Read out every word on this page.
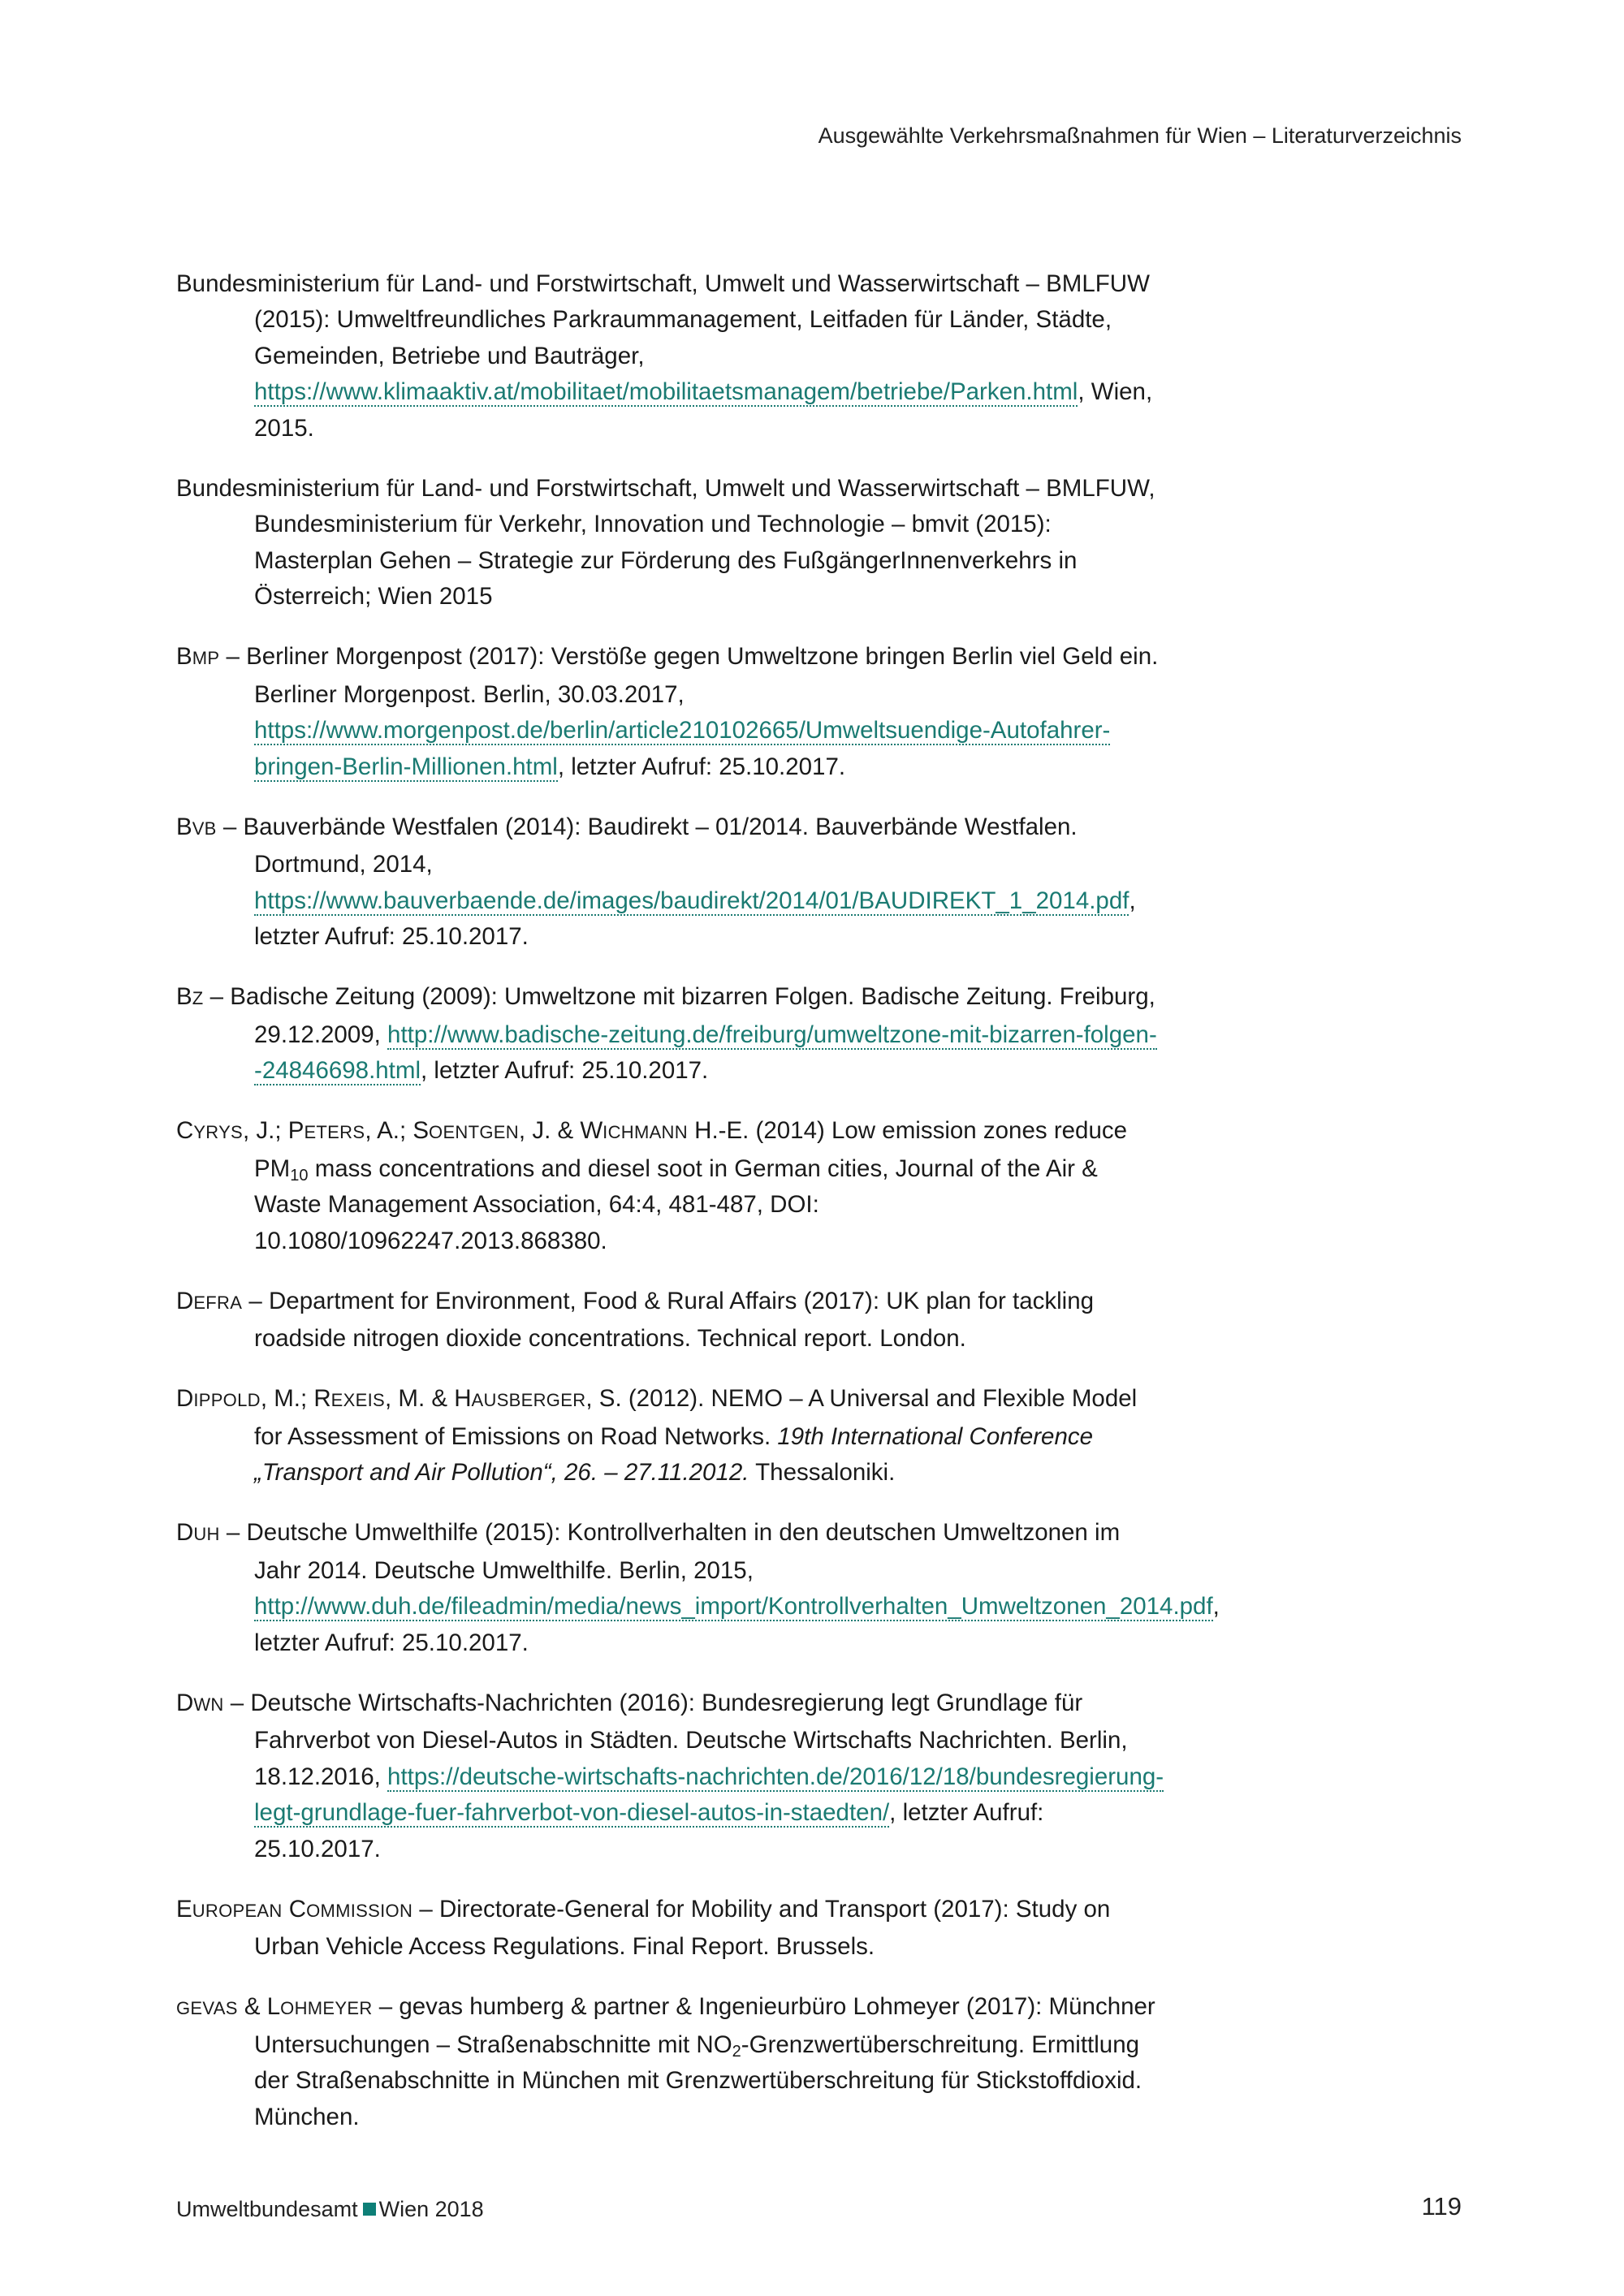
Ausgewählte Verkehrsmaßnahmen für Wien – Literaturverzeichnis

Bundesministerium für Land- und Forstwirtschaft, Umwelt und Wasserwirtschaft – BMLFUW (2015): Umweltfreundliches Parkraummanagement, Leitfaden für Länder, Städte, Gemeinden, Betriebe und Bauträger, https://www.klimaaktiv.at/mobilitaet/mobilitaetsmanagem/betriebe/Parken.html, Wien, 2015.

Bundesministerium für Land- und Forstwirtschaft, Umwelt und Wasserwirtschaft – BMLFUW, Bundesministerium für Verkehr, Innovation und Technologie – bmvit (2015): Masterplan Gehen – Strategie zur Förderung des FußgängerInnenverkehrs in Österreich; Wien 2015

BMP – Berliner Morgenpost (2017): Verstöße gegen Umweltzone bringen Berlin viel Geld ein. Berliner Morgenpost. Berlin, 30.03.2017, https://www.morgenpost.de/berlin/article210102665/Umweltsuendige-Autofahrer-bringen-Berlin-Millionen.html, letzter Aufruf: 25.10.2017.

BVB – Bauverbände Westfalen (2014): Baudirekt – 01/2014. Bauverbände Westfalen. Dortmund, 2014, https://www.bauverbaende.de/images/baudirekt/2014/01/BAUDIREKT_1_2014.pdf, letzter Aufruf: 25.10.2017.

BZ – Badische Zeitung (2009): Umweltzone mit bizarren Folgen. Badische Zeitung. Freiburg, 29.12.2009, http://www.badische-zeitung.de/freiburg/umweltzone-mit-bizarren-folgen--24846698.html, letzter Aufruf: 25.10.2017.

CYRYS, J.; PETERS, A.; SOENTGEN, J. & WICHMANN H.-E. (2014) Low emission zones reduce $PM_{10}$ mass concentrations and diesel soot in German cities, Journal of the Air & Waste Management Association, 64:4, 481-487, DOI: 10.1080/10962247.2013.868380.

DEFRA – Department for Environment, Food & Rural Affairs (2017): UK plan for tackling roadside nitrogen dioxide concentrations. Technical report. London.

DIPPOLD, M.; REXEIS, M. & HAUSBERGER, S. (2012). NEMO – A Universal and Flexible Model for Assessment of Emissions on Road Networks. 19th International Conference „Transport and Air Pollution“, 26. – 27.11.2012. Thessaloniki.

DUH – Deutsche Umwelthilfe (2015): Kontrollverhalten in den deutschen Umweltzonen im Jahr 2014. Deutsche Umwelthilfe. Berlin, 2015, http://www.duh.de/fileadmin/media/news_import/Kontrollverhalten_Umweltzonen_2014.pdf, letzter Aufruf: 25.10.2017.

DWN – Deutsche Wirtschafts-Nachrichten (2016): Bundesregierung legt Grundlage für Fahrverbot von Diesel-Autos in Städten. Deutsche Wirtschafts Nachrichten. Berlin, 18.12.2016, https://deutsche-wirtschafts-nachrichten.de/2016/12/18/bundesregierung-legt-grundlage-fuer-fahrverbot-von-diesel-autos-in-staedten/, letzter Aufruf: 25.10.2017.

EUROPEAN COMMISSION – Directorate-General for Mobility and Transport (2017): Study on Urban Vehicle Access Regulations. Final Report. Brussels.

GEVAS & LOHMEYER – gevas humberg & partner & Ingenieurbüro Lohmeyer (2017): Münchner Untersuchungen – Straßenabschnitte mit $NO_2$-Grenzwertüberschreitung. Ermittlung der Straßenabschnitte in München mit Grenzwertüberschreitung für Stickstoffdioxid. München.

Umweltbundesamt Wien 2018	119
